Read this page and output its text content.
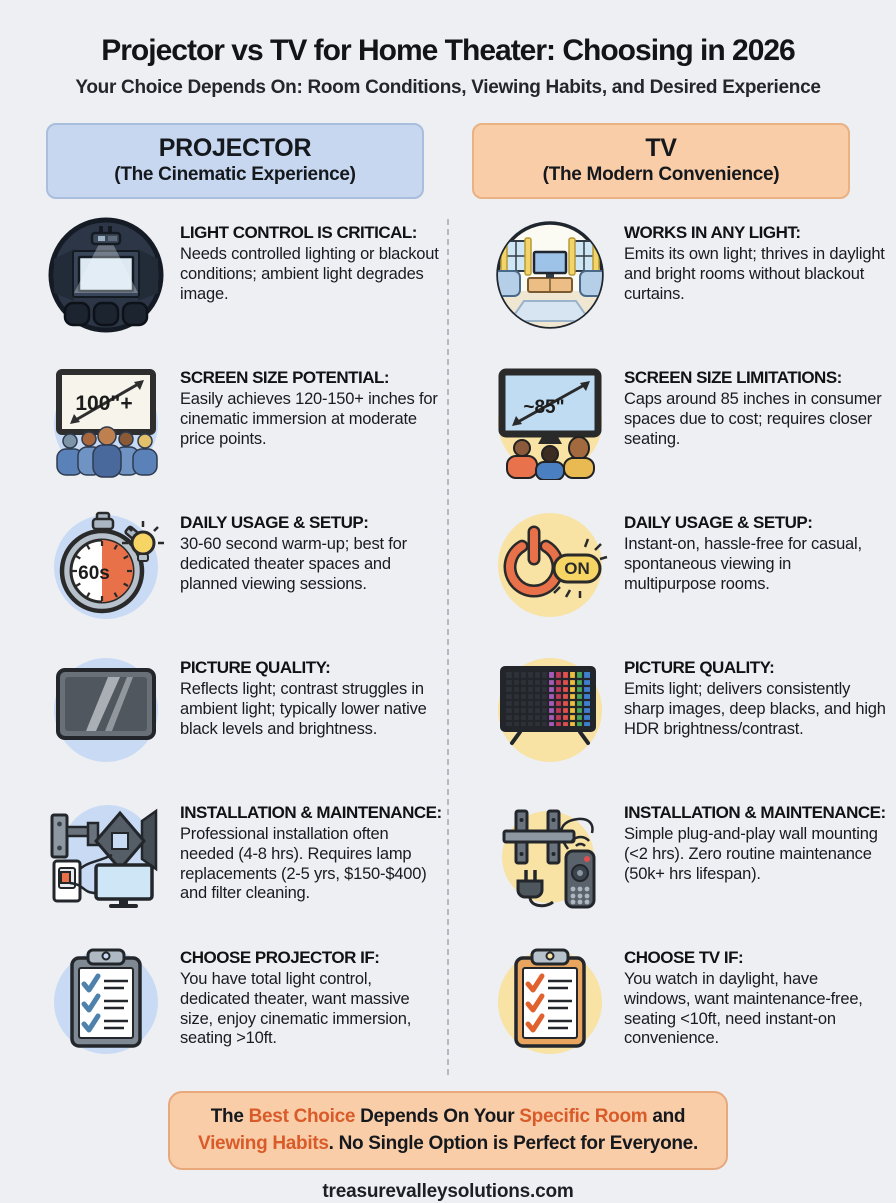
Projector vs TV for Home Theater: Choosing in 2026
Your Choice Depends On: Room Conditions, Viewing Habits, and Desired Experience
PROJECTOR
(The Cinematic Experience)
TV
(The Modern Convenience)
LIGHT CONTROL IS CRITICAL:
Needs controlled lighting or blackout conditions; ambient light degrades image.
WORKS IN ANY LIGHT:
Emits its own light; thrives in daylight and bright rooms without blackout curtains.
100"+
SCREEN SIZE POTENTIAL:
Easily achieves 120-150+ inches for cinematic immersion at moderate price points.
~85"
SCREEN SIZE LIMITATIONS:
Caps around 85 inches in consumer spaces due to cost; requires closer seating.
60s
DAILY USAGE & SETUP:
30-60 second warm-up; best for dedicated theater spaces and planned viewing sessions.
ON
DAILY USAGE & SETUP:
Instant-on, hassle-free for casual, spontaneous viewing in multipurpose rooms.
PICTURE QUALITY:
Reflects light; contrast struggles in ambient light; typically lower native black levels and brightness.
PICTURE QUALITY:
Emits light; delivers consistently sharp images, deep blacks, and high HDR brightness/contrast.
INSTALLATION & MAINTENANCE:
Professional installation often needed (4-8 hrs). Requires lamp replacements (2-5 yrs, $150-$400) and filter cleaning.
INSTALLATION & MAINTENANCE:
Simple plug-and-play wall mounting (<2 hrs). Zero routine maintenance (50k+ hrs lifespan).
CHOOSE PROJECTOR IF:
You have total light control, dedicated theater, want massive size, enjoy cinematic immersion, seating >10ft.
CHOOSE TV IF:
You watch in daylight, have windows, want maintenance-free, seating <10ft, need instant-on convenience.
The Best Choice Depends On Your Specific Room and Viewing Habits. No Single Option is Perfect for Everyone.
treasurevalleysolutions.com
